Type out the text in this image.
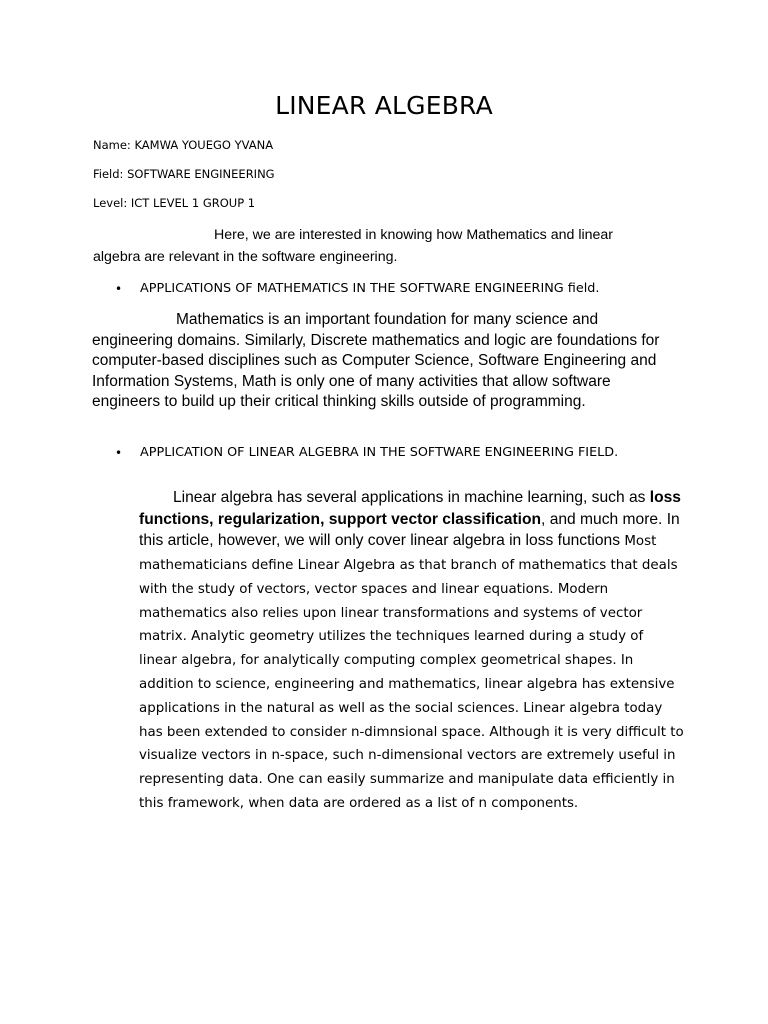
LINEAR ALGEBRA
Name: KAMWA YOUEGO YVANA
Field: SOFTWARE ENGINEERING
Level: ICT LEVEL 1 GROUP 1
Here, we are interested in knowing how Mathematics and linear algebra are relevant in the software engineering.
•	APPLICATIONS OF MATHEMATICS IN THE SOFTWARE ENGINEERING field.
Mathematics is an important foundation for many science and engineering domains. Similarly, Discrete mathematics and logic are foundations for computer-based disciplines such as Computer Science, Software Engineering and Information Systems, Math is only one of many activities that allow software engineers to build up their critical thinking skills outside of programming.
•	APPLICATION OF LINEAR ALGEBRA IN THE SOFTWARE ENGINEERING FIELD.
Linear algebra has several applications in machine learning, such as loss functions, regularization, support vector classification, and much more. In this article, however, we will only cover linear algebra in loss functions Most mathematicians define Linear Algebra as that branch of mathematics that deals with the study of vectors, vector spaces and linear equations. Modern mathematics also relies upon linear transformations and systems of vector matrix. Analytic geometry utilizes the techniques learned during a study of linear algebra, for analytically computing complex geometrical shapes. In addition to science, engineering and mathematics, linear algebra has extensive applications in the natural as well as the social sciences. Linear algebra today has been extended to consider n-dimnsional space. Although it is very difficult to visualize vectors in n-space, such n-dimensional vectors are extremely useful in representing data. One can easily summarize and manipulate data efficiently in this framework, when data are ordered as a list of n components.
